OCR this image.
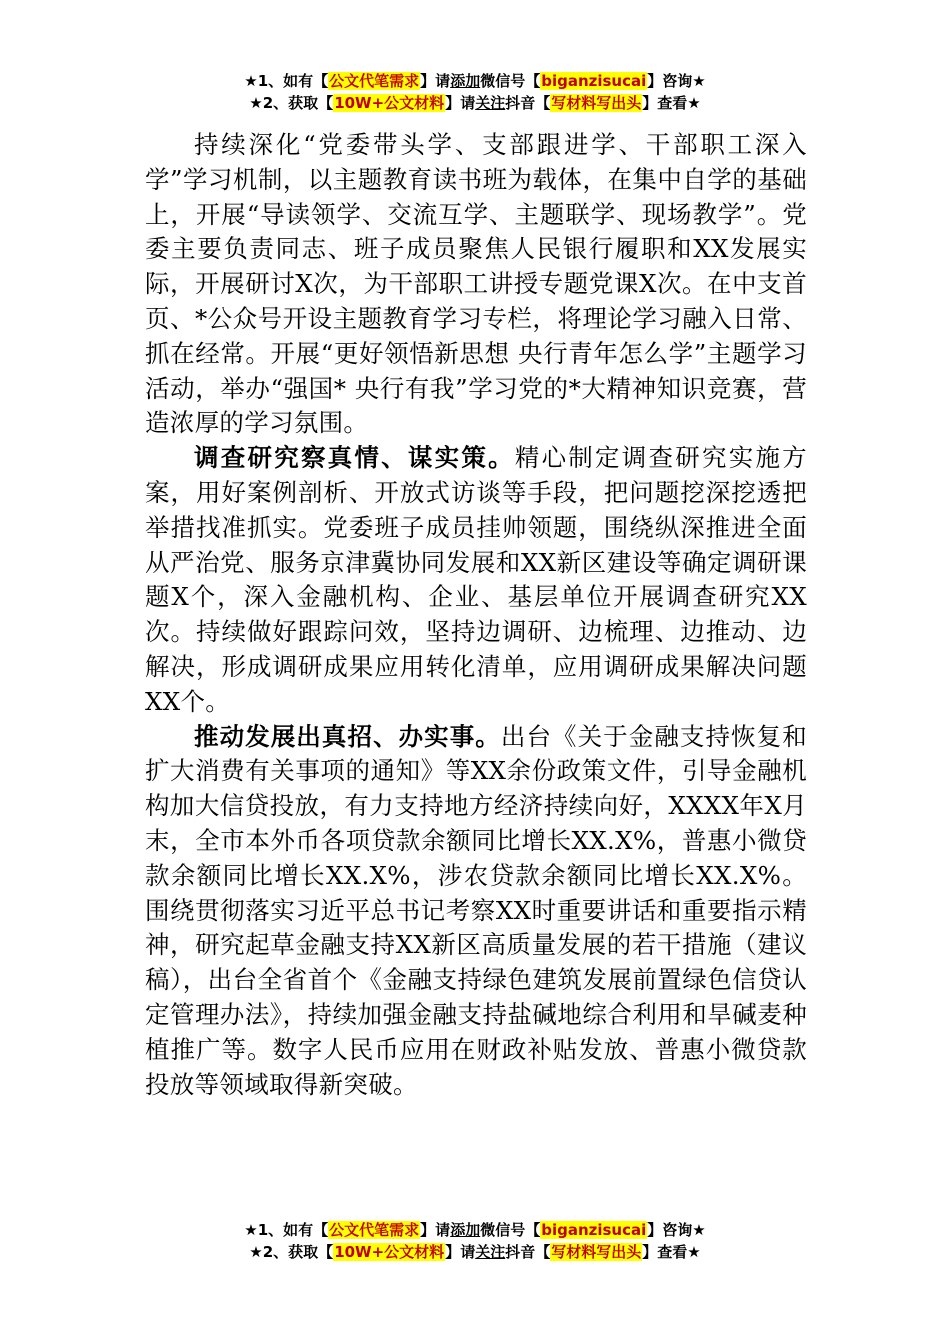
★1、如有【公文代笔需求】请添加微信号【biganzisucai】咨询★
★2、获取【10W+公文材料】请关注抖音【写材料写出头】查看★

持续深化“党委带头学、支部跟进学、干部职工深入学”学习机制，以主题教育读书班为载体，在集中自学的基础上，开展“导读领学、交流互学、主题联学、现场教学”。党委主要负责同志、班子成员聚焦人民银行履职和XX发展实际，开展研讨X次，为干部职工讲授专题党课X次。在中支首页、*公众号开设主题教育学习专栏，将理论学习融入日常、抓在经常。开展“更好领悟新思想 央行青年怎么学”主题学习活动，举办“强国* 央行有我”学习党的*大精神知识竞赛，营造浓厚的学习氛围。

调查研究察真情、谋实策。精心制定调查研究实施方案，用好案例剖析、开放式访谈等手段，把问题挖深挖透把举措找准抓实。党委班子成员挂帅领题，围绕纵深推进全面从严治党、服务京津冀协同发展和XX新区建设等确定调研课题X个，深入金融机构、企业、基层单位开展调查研究XX次。持续做好跟踪问效，坚持边调研、边梳理、边推动、边解决，形成调研成果应用转化清单，应用调研成果解决问题XX个。

推动发展出真招、办实事。出台《关于金融支持恢复和扩大消费有关事项的通知》等XX余份政策文件，引导金融机构加大信贷投放，有力支持地方经济持续向好，XXXX年X月末，全市本外币各项贷款余额同比增长XX.X%，普惠小微贷款余额同比增长XX.X%，涉农贷款余额同比增长XX.X%。围绕贯彻落实习近平总书记考察XX时重要讲话和重要指示精神，研究起草金融支持XX新区高质量发展的若干措施（建议稿），出台全省首个《金融支持绿色建筑发展前置绿色信贷认定管理办法》，持续加强金融支持盐碱地综合利用和旱碱麦种植推广等。数字人民币应用在财政补贴发放、普惠小微贷款投放等领域取得新突破。

★1、如有【公文代笔需求】请添加微信号【biganzisucai】咨询★
★2、获取【10W+公文材料】请关注抖音【写材料写出头】查看★
